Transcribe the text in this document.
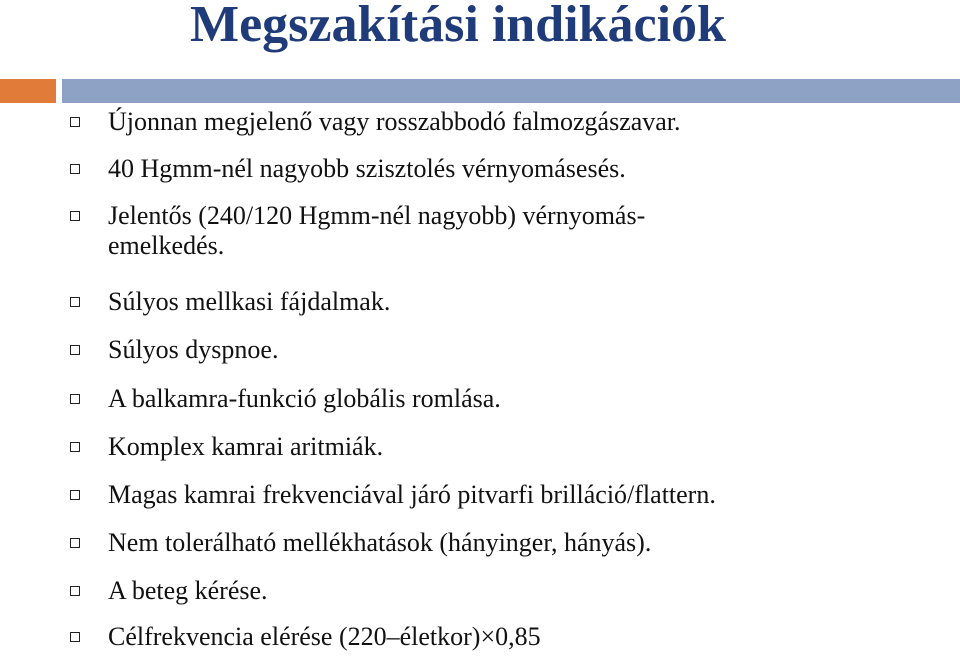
Megszakítási indikációk
Újonnan megjelenő vagy rosszabbodó falmozgászavar.
40 Hgmm-nél nagyobb szisztolés vérnyomásesés.
Jelentős (240/120 Hgmm-nél nagyobb) vérnyomás-
emelkedés.
Súlyos mellkasi fájdalmak.
Súlyos dyspnoe.
A balkamra-funkció globális romlása.
Komplex kamrai aritmiák.
Magas kamrai frekvenciával járó pitvarfi brilláció/flattern.
Nem tolerálható mellékhatások (hányinger, hányás).
A beteg kérése.
Célfrekvencia elérése (220–életkor)×0,85
